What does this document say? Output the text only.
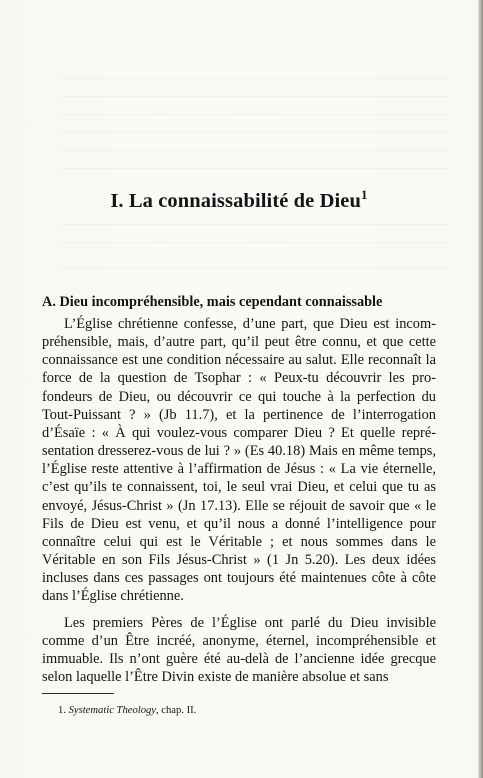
· · · · · · · · · · · · · ·
I. La connaissabilité de Dieu$^1$
A. Dieu incompréhensible, mais cependant connaissable

L’Église chrétienne confesse, d’une part, que Dieu est incompréhensible, mais, d’autre part, qu’il peut être connu, et que cette connaissance est une condition nécessaire au salut. Elle reconnaît la force de la question de Tsophar : « Peux-tu découvrir les profondeurs de Dieu, ou découvrir ce qui touche à la perfection du Tout-Puissant ? » (Jb 11.7), et la pertinence de l’interrogation d’Ésaïe : « À qui voulez-vous comparer Dieu ? Et quelle représentation dresserez-vous de lui ? » (Es 40.18) Mais en même temps, l’Église reste attentive à l’affirmation de Jésus : « La vie éternelle, c’est qu’ils te connaissent, toi, le seul vrai Dieu, et celui que tu as envoyé, Jésus-Christ » (Jn 17.13). Elle se réjouit de savoir que « le Fils de Dieu est venu, et qu’il nous a donné l’intelligence pour connaître celui qui est le Véritable ; et nous sommes dans le Véritable en son Fils Jésus-Christ » (1 Jn 5.20). Les deux idées incluses dans ces passages ont toujours été maintenues côte à côte dans l’Église chrétienne.

Les premiers Pères de l’Église ont parlé du Dieu invisible comme d’un Être incréé, anonyme, éternel, incompréhensible et immuable. Ils n’ont guère été au-delà de l’ancienne idée grecque selon laquelle l’Être Divin existe de manière absolue et sans

1. Systematic Theology, chap. II.
